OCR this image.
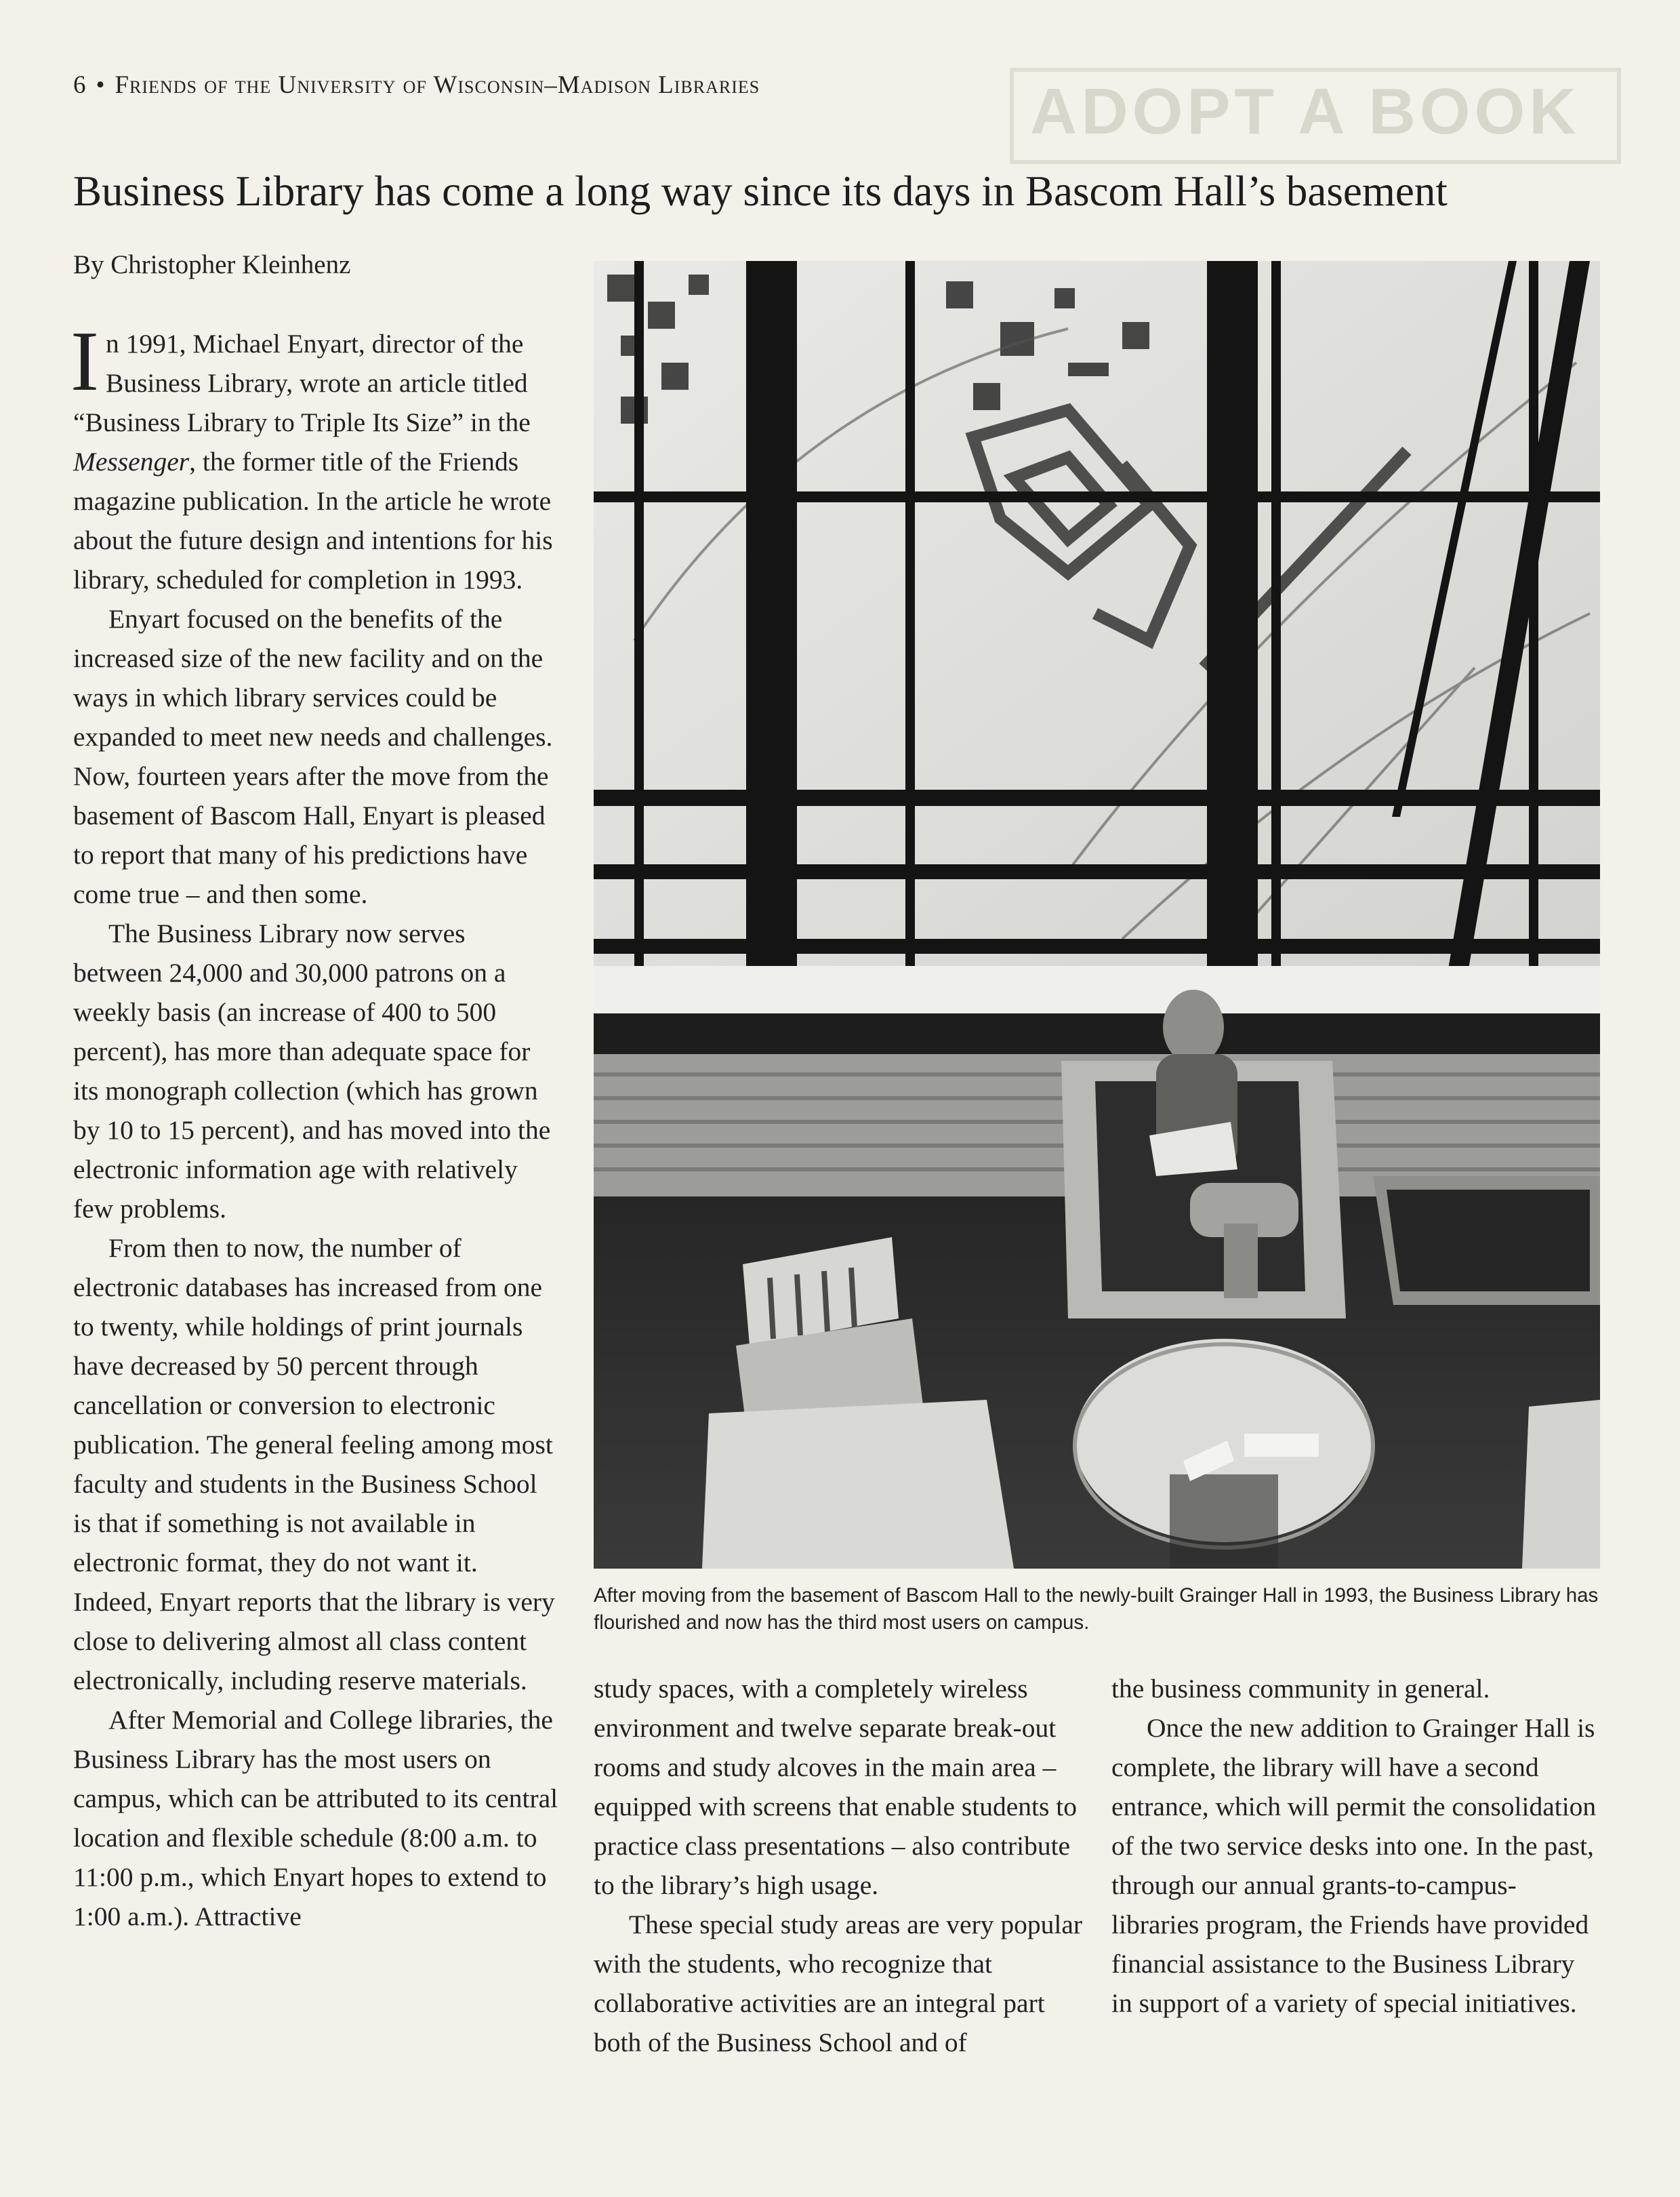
ADOPT A BOOK
6 • Friends of the University of Wisconsin–Madison Libraries
Business Library has come a long way since its days in Bascom Hall’s basement
By Christopher Kleinhenz

In 1991, Michael Enyart, director of the Business Library, wrote an article titled “Business Library to Triple Its Size” in the Messenger, the former title of the Friends magazine publication. In the article he wrote about the future design and intentions for his library, scheduled for completion in 1993.

Enyart focused on the benefits of the increased size of the new facility and on the ways in which library services could be expanded to meet new needs and challenges. Now, fourteen years after the move from the basement of Bascom Hall, Enyart is pleased to report that many of his predictions have come true – and then some.

The Business Library now serves between 24,000 and 30,000 patrons on a weekly basis (an increase of 400 to 500 percent), has more than adequate space for its monograph collection (which has grown by 10 to 15 percent), and has moved into the electronic information age with relatively few problems.

From then to now, the number of electronic databases has increased from one to twenty, while holdings of print journals have decreased by 50 percent through cancellation or conversion to electronic publication. The general feeling among most faculty and students in the Business School is that if something is not available in electronic format, they do not want it. Indeed, Enyart reports that the library is very close to delivering almost all class content electronically, including reserve materials.

After Memorial and College libraries, the Business Library has the most users on campus, which can be attributed to its central location and flexible schedule (8:00 a.m. to 11:00 p.m., which Enyart hopes to extend to 1:00 a.m.). Attractive

After moving from the basement of Bascom Hall to the newly-built Grainger Hall in 1993, the Business Library has flourished and now has the third most users on campus.

study spaces, with a completely wireless environment and twelve separate break-out rooms and study alcoves in the main area – equipped with screens that enable students to practice class presentations – also contribute to the library’s high usage.

These special study areas are very popular with the students, who recognize that collaborative activities are an integral part both of the Business School and of

the business community in general.

Once the new addition to Grainger Hall is complete, the library will have a second entrance, which will permit the consolidation of the two service desks into one. In the past, through our annual grants-to-campus-libraries program, the Friends have provided financial assistance to the Business Library in support of a variety of special initiatives.
